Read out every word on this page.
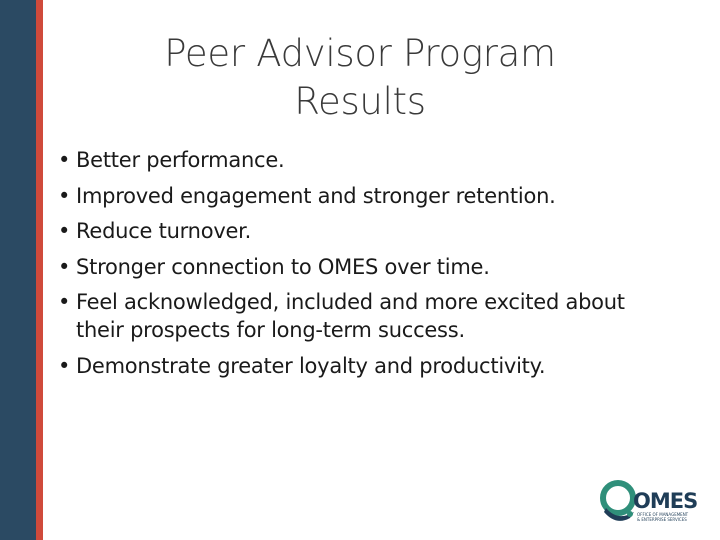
Peer Advisor Program
Results
• Better performance.
• Improved engagement and stronger retention.
• Reduce turnover.
• Stronger connection to OMES over time.
• Feel acknowledged, included and more excited about their prospects for long-term success.
• Demonstrate greater loyalty and productivity.
OMES
OFFICE OF MANAGEMENT
& ENTERPRISE SERVICES
